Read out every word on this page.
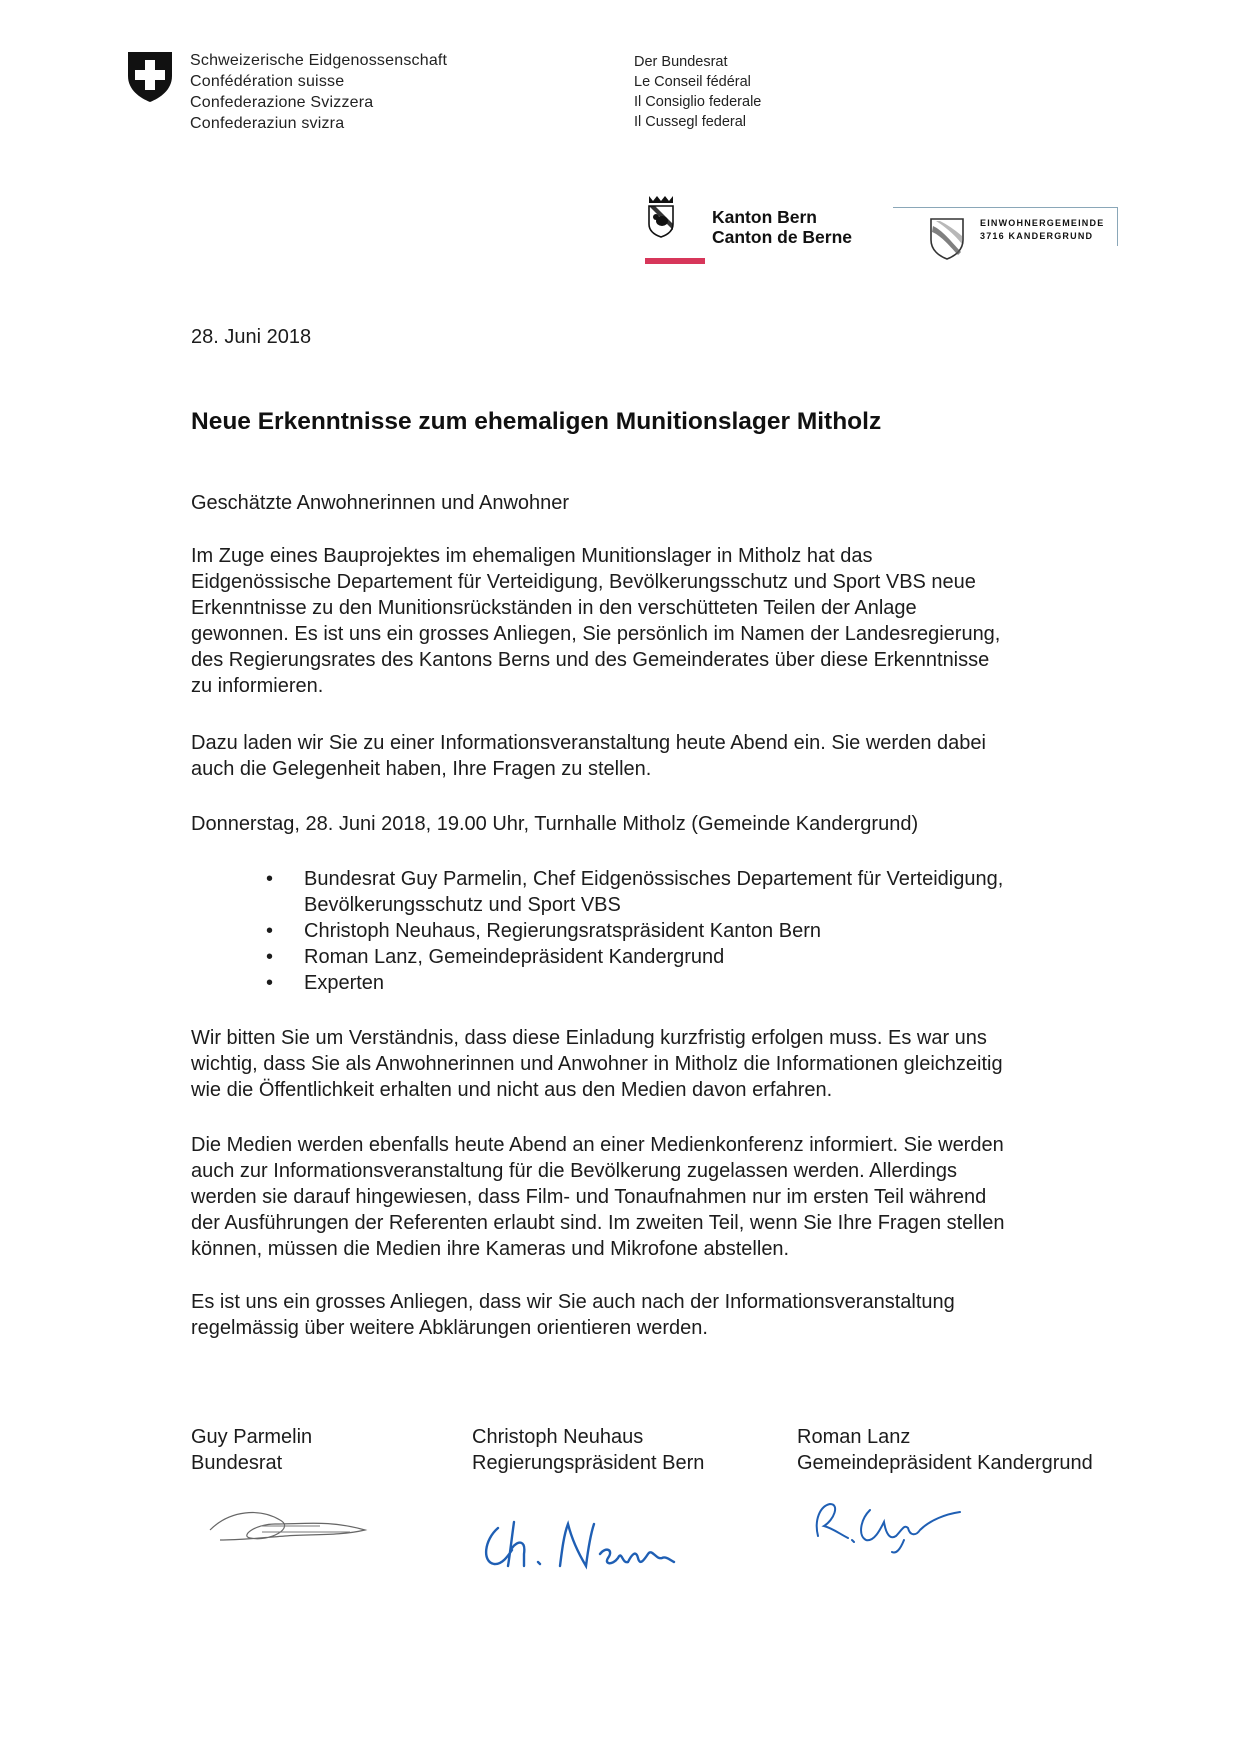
Schweizerische Eidgenossenschaft
Confédération suisse
Confederazione Svizzera
Confederaziun svizra
Der Bundesrat
Le Conseil fédéral
Il Consiglio federale
Il Cussegl federal
Kanton Bern
Canton de Berne
EINWOHNERGEMEINDE
3716 KANDERGRUND
28. Juni 2018
Neue Erkenntnisse zum ehemaligen Munitionslager Mitholz
Geschätzte Anwohnerinnen und Anwohner
Im Zuge eines Bauprojektes im ehemaligen Munitionslager in Mitholz hat das
Eidgenössische Departement für Verteidigung, Bevölkerungsschutz und Sport VBS neue
Erkenntnisse zu den Munitionsrückständen in den verschütteten Teilen der Anlage
gewonnen. Es ist uns ein grosses Anliegen, Sie persönlich im Namen der Landesregierung,
des Regierungsrates des Kantons Berns und des Gemeinderates über diese Erkenntnisse
zu informieren.
Dazu laden wir Sie zu einer Informationsveranstaltung heute Abend ein. Sie werden dabei
auch die Gelegenheit haben, Ihre Fragen zu stellen.
Donnerstag, 28. Juni 2018, 19.00 Uhr, Turnhalle Mitholz (Gemeinde Kandergrund)
• Bundesrat Guy Parmelin, Chef Eidgenössisches Departement für Verteidigung,
Bevölkerungsschutz und Sport VBS
• Christoph Neuhaus, Regierungsratspräsident Kanton Bern
• Roman Lanz, Gemeindepräsident Kandergrund
• Experten
Wir bitten Sie um Verständnis, dass diese Einladung kurzfristig erfolgen muss. Es war uns
wichtig, dass Sie als Anwohnerinnen und Anwohner in Mitholz die Informationen gleichzeitig
wie die Öffentlichkeit erhalten und nicht aus den Medien davon erfahren.
Die Medien werden ebenfalls heute Abend an einer Medienkonferenz informiert. Sie werden
auch zur Informationsveranstaltung für die Bevölkerung zugelassen werden. Allerdings
werden sie darauf hingewiesen, dass Film- und Tonaufnahmen nur im ersten Teil während
der Ausführungen der Referenten erlaubt sind. Im zweiten Teil, wenn Sie Ihre Fragen stellen
können, müssen die Medien ihre Kameras und Mikrofone abstellen.
Es ist uns ein grosses Anliegen, dass wir Sie auch nach der Informationsveranstaltung
regelmässig über weitere Abklärungen orientieren werden.
Guy Parmelin
Bundesrat
Christoph Neuhaus
Regierungspräsident Bern
Roman Lanz
Gemeindepräsident Kandergrund
